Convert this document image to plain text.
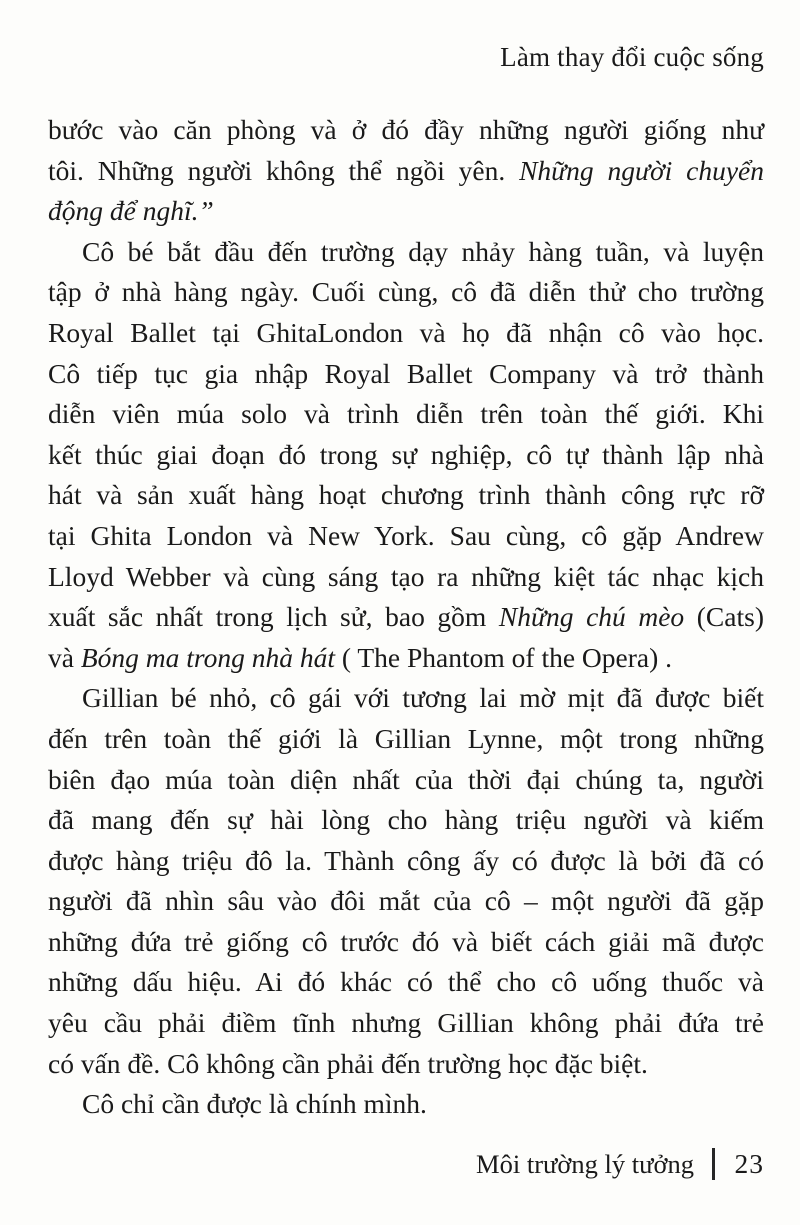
Làm thay đổi cuộc sống
bước vào căn phòng và ở đó đầy những người giống như
tôi. Những người không thể ngồi yên. Những người chuyển
động để nghĩ.”
Cô bé bắt đầu đến trường dạy nhảy hàng tuần, và luyện
tập ở nhà hàng ngày. Cuối cùng, cô đã diễn thử cho trường
Royal Ballet tại GhitaLondon và họ đã nhận cô vào học.
Cô tiếp tục gia nhập Royal Ballet Company và trở thành
diễn viên múa solo và trình diễn trên toàn thế giới. Khi
kết thúc giai đoạn đó trong sự nghiệp, cô tự thành lập nhà
hát và sản xuất hàng hoạt chương trình thành công rực rỡ
tại Ghita London và New York. Sau cùng, cô gặp Andrew
Lloyd Webber và cùng sáng tạo ra những kiệt tác nhạc kịch
xuất sắc nhất trong lịch sử, bao gồm Những chú mèo (Cats)
và Bóng ma trong nhà hát ( The Phantom of the Opera) .
Gillian bé nhỏ, cô gái với tương lai mờ mịt đã được biết
đến trên toàn thế giới là Gillian Lynne, một trong những
biên đạo múa toàn diện nhất của thời đại chúng ta, người
đã mang đến sự hài lòng cho hàng triệu người và kiếm
được hàng triệu đô la. Thành công ấy có được là bởi đã có
người đã nhìn sâu vào đôi mắt của cô – một người đã gặp
những đứa trẻ giống cô trước đó và biết cách giải mã được
những dấu hiệu. Ai đó khác có thể cho cô uống thuốc và
yêu cầu phải điềm tĩnh nhưng Gillian không phải đứa trẻ
có vấn đề. Cô không cần phải đến trường học đặc biệt.
Cô chỉ cần được là chính mình.
Môi trường lý tưởng 23
